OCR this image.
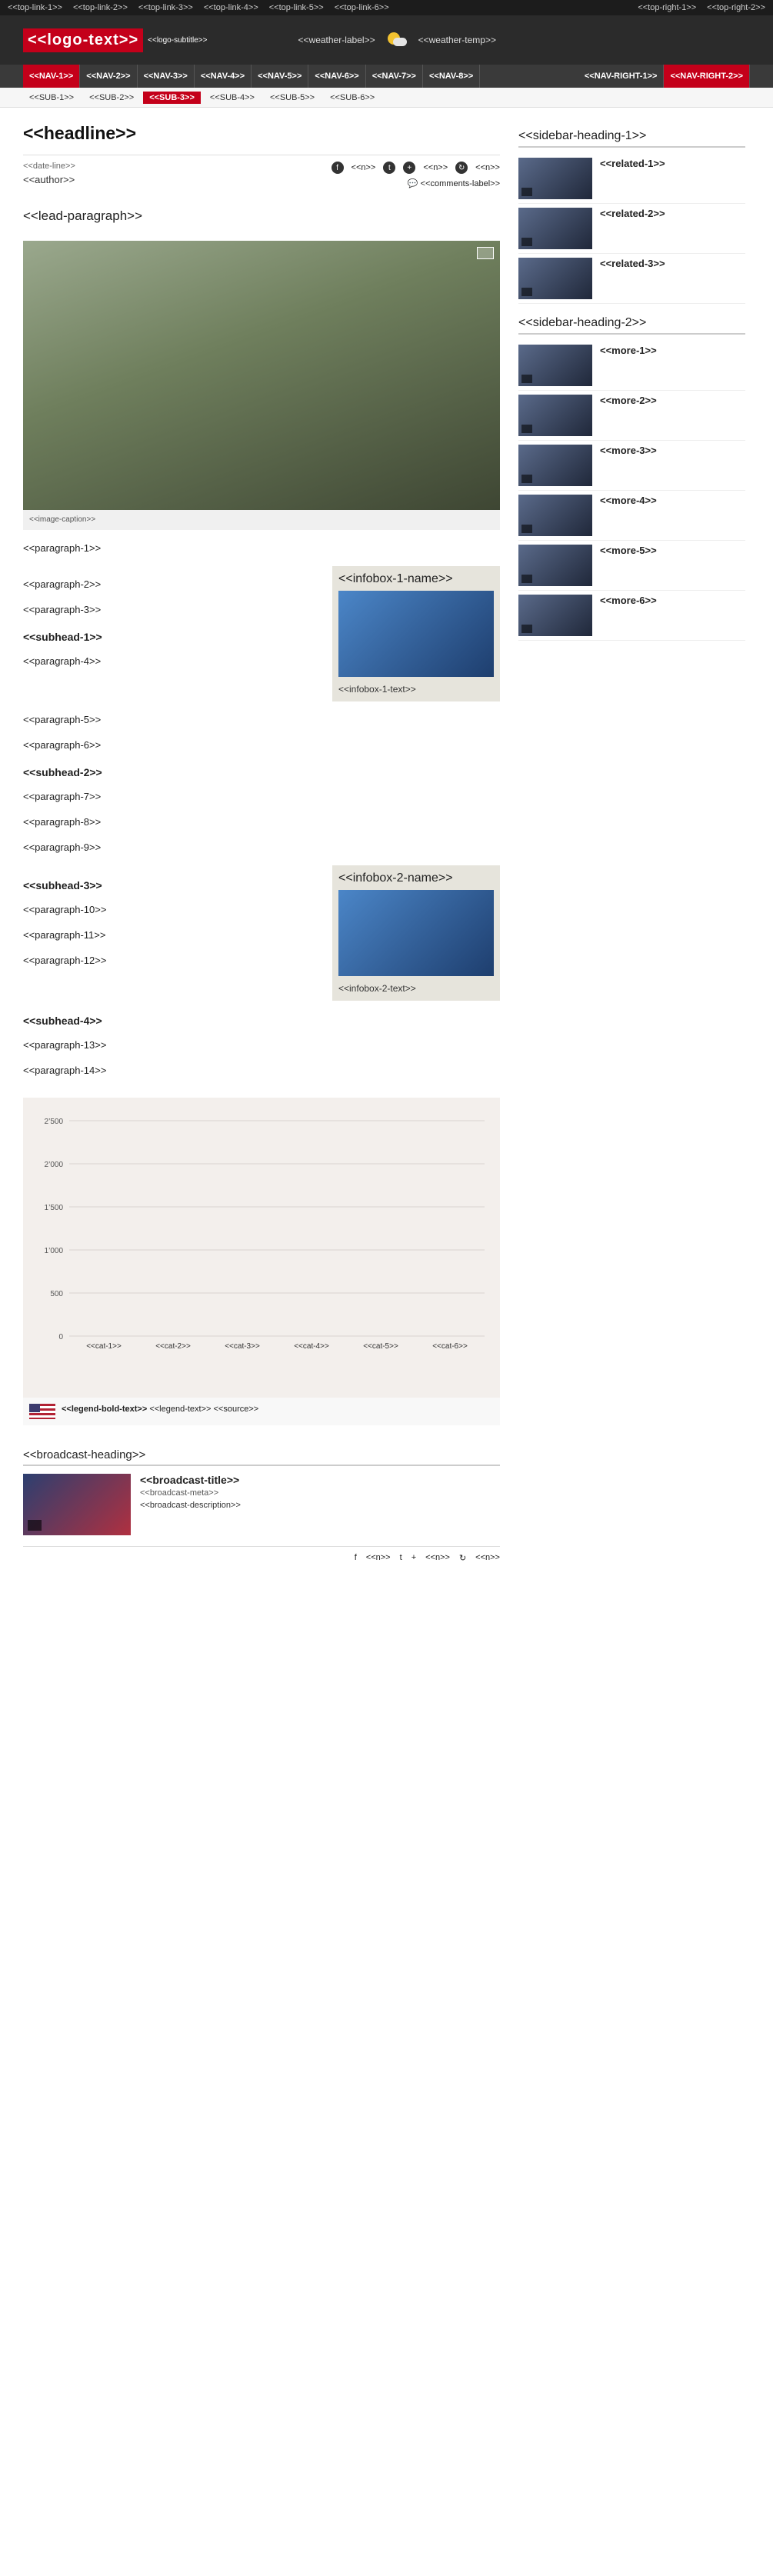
<<top-link-1>> <<top-link-2>> <<top-link-3>> <<top-link-4>> <<top-link-5>> <<top-link-6>>	<<top-right-1>> <<top-right-2>>
<<logo-text>>	<<logo-subtitle>>	<<weather-label>>	<<weather-temp>>
<<NAV-1>>	<<NAV-2>>	<<NAV-3>>	<<NAV-4>>	<<NAV-5>>	<<NAV-6>>	<<NAV-7>>	<<NAV-8>>	<<NAV-RIGHT-1>>	<<NAV-RIGHT-2>>
<<SUB-1>>	<<SUB-2>>	<<SUB-3>>	<<SUB-4>>	<<SUB-5>>	<<SUB-6>>
<<headline>>
<<date-line>>
<<author>>
f	<<n>>	t	+	<<n>>	↻	<<n>>
💬 <<comments-label>>
<<lead-paragraph>>
<<image-caption>>

<<paragraph-1>>

<<paragraph-2>>

<<paragraph-3>>

<<subhead-1>>

<<paragraph-4>>

<<infobox-1-name>>

<<infobox-1-text>>

<<paragraph-5>>

<<paragraph-6>>

<<subhead-2>>

<<paragraph-7>>

<<paragraph-8>>

<<paragraph-9>>

<<subhead-3>>

<<paragraph-10>>

<<paragraph-11>>

<<paragraph-12>>

<<infobox-2-name>>

<<infobox-2-text>>

<<subhead-4>>

<<paragraph-13>>

<<paragraph-14>>

0
500
1’000
1’500
2’000
2’500
<<cat-1>>	<<cat-2>>	<<cat-3>>	<<cat-4>>	<<cat-5>>	<<cat-6>>
<<legend-bold-text>> <<legend-text>> <<source>>
<<broadcast-heading>>
<<broadcast-title>>
<<broadcast-meta>>
<<broadcast-description>>
f <<n>> t + <<n>> ↻ <<n>>
<<sidebar-heading-1>>
<<related-1>>
<<related-2>>
<<related-3>>
<<sidebar-heading-2>>
<<more-1>>
<<more-2>>
<<more-3>>
<<more-4>>
<<more-5>>
<<more-6>>
